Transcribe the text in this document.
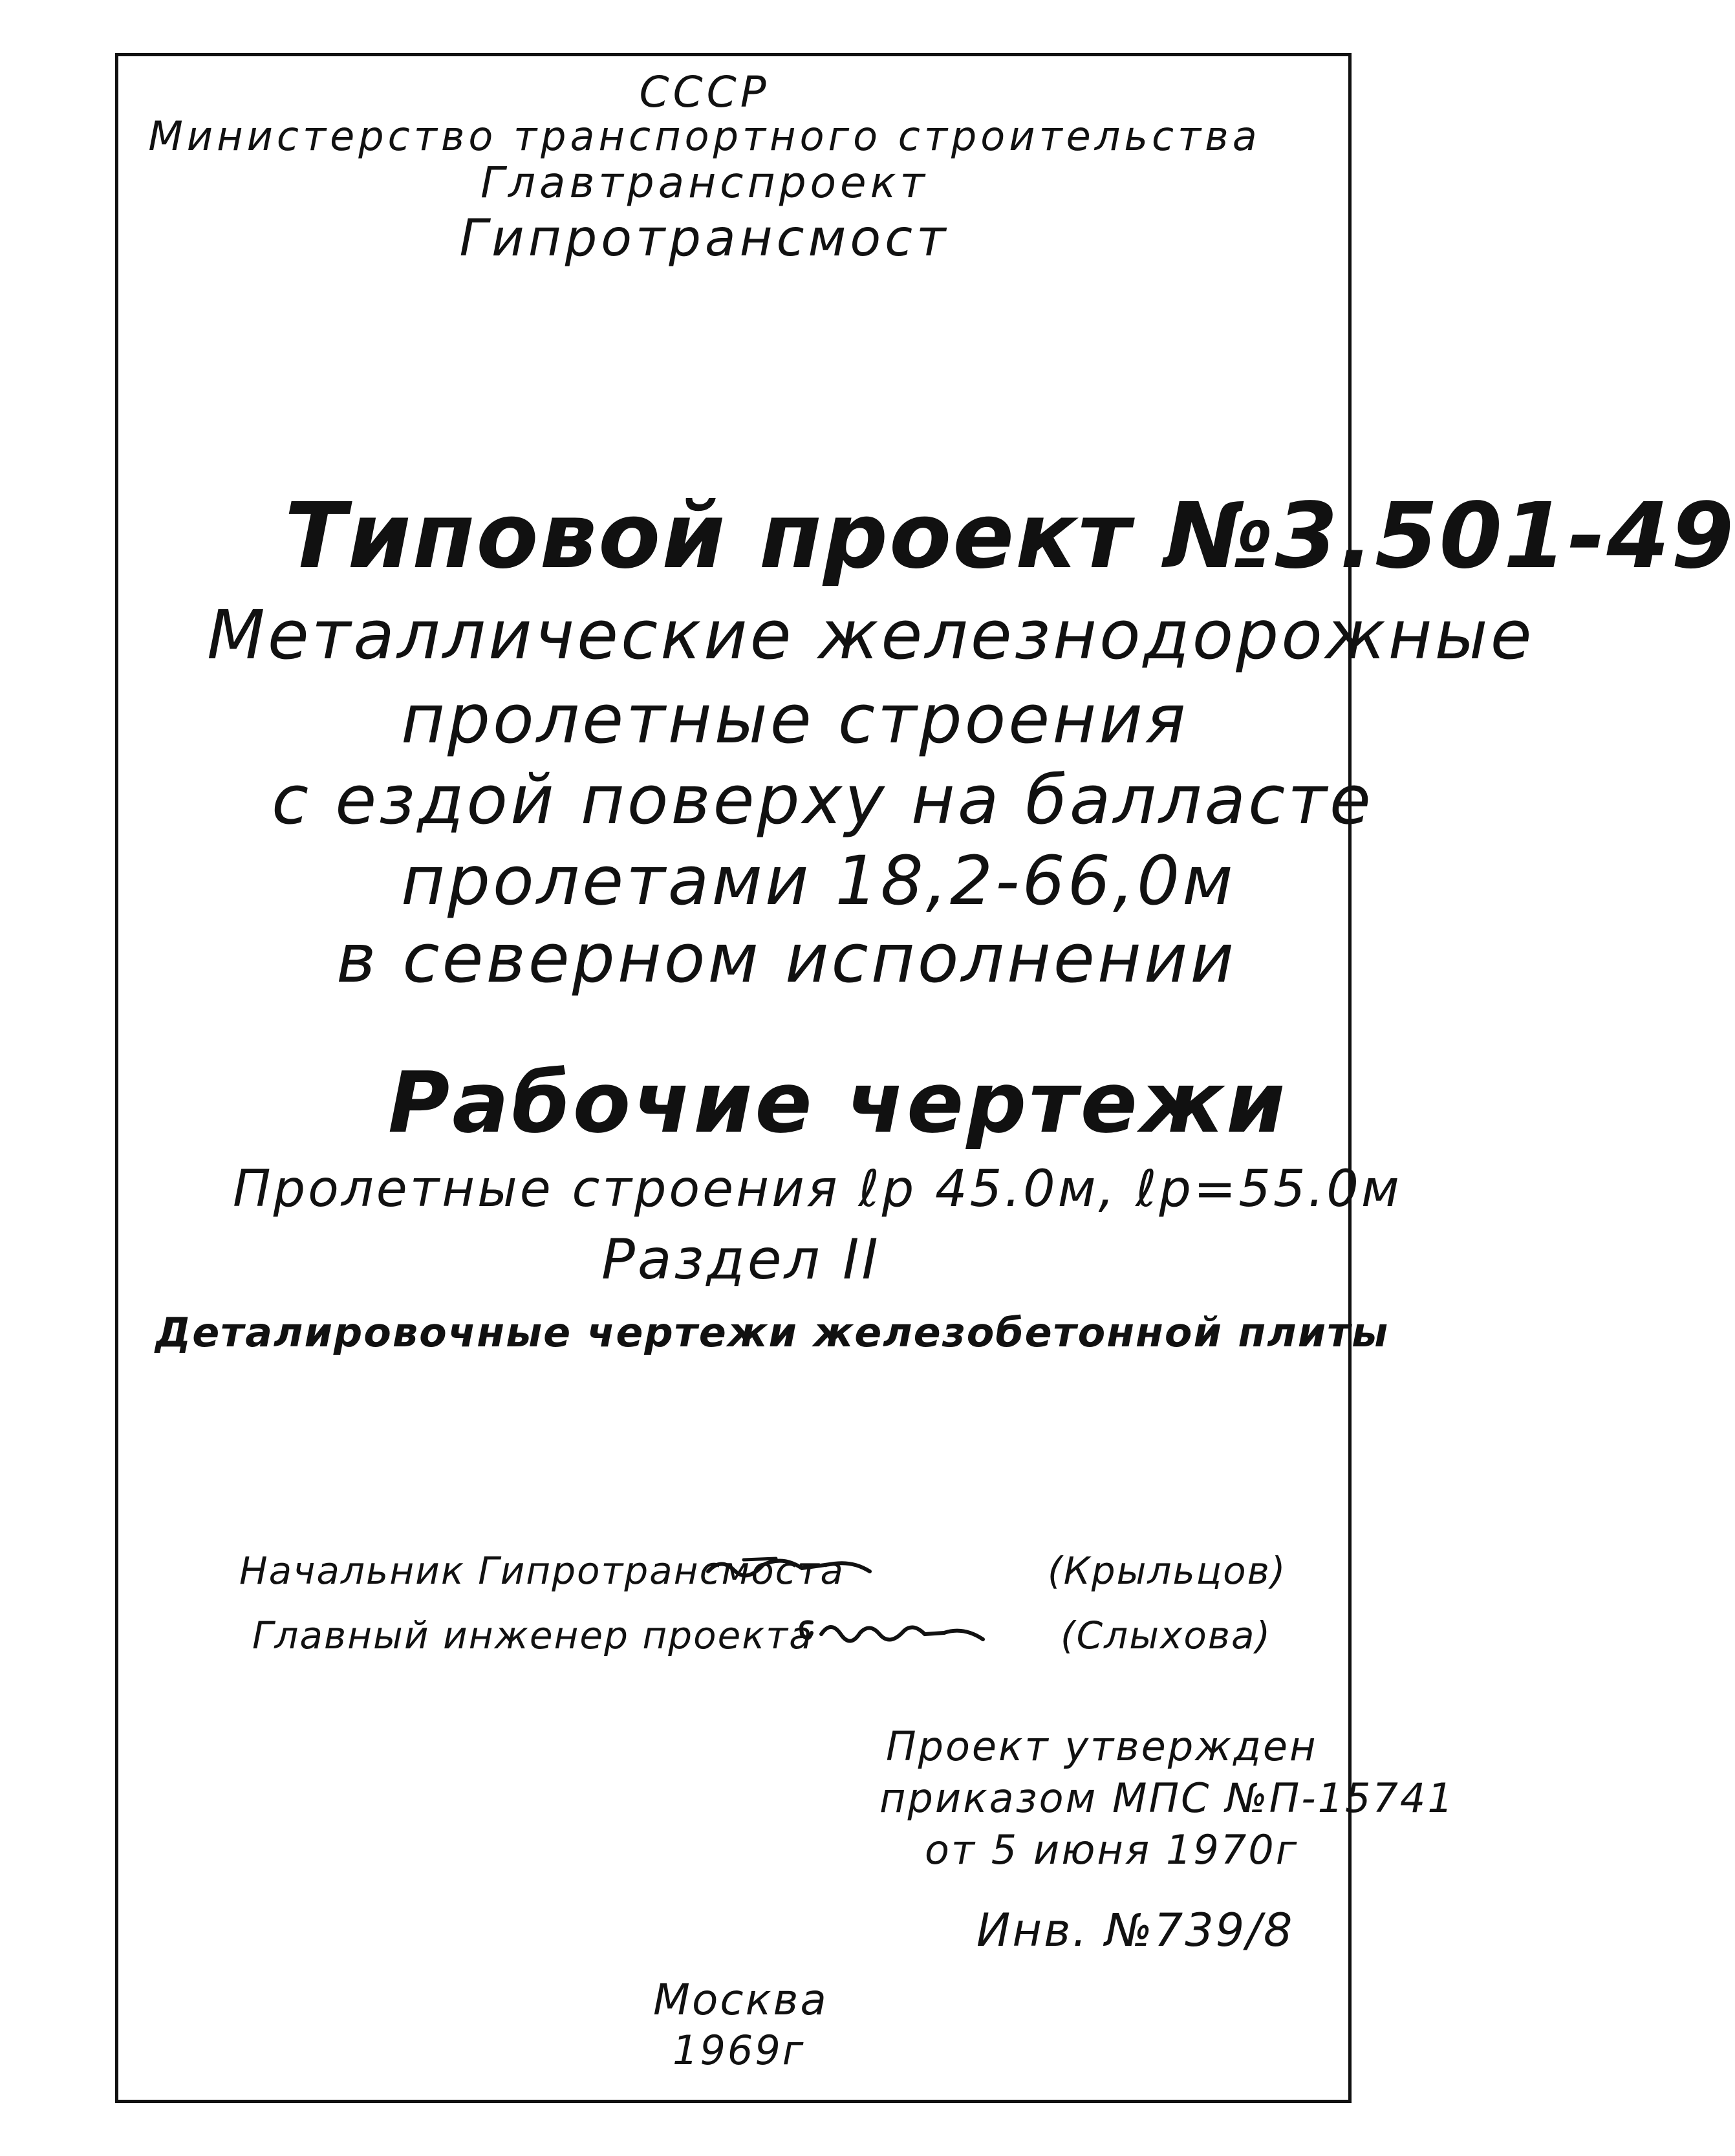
СССР
Министерство транспортного строительства
Главтранспроект
Гипротрансмост
Типовой проект №3.501-49
Металлические железнодорожные
пролетные строения
с ездой поверху на балласте
пролетами 18,2-66,0м
в северном исполнении
Рабочие чертежи
Пролетные строения ℓр 45.0м, ℓр=55.0м
Раздел II
Деталировочные чертежи железобетонной плиты
Начальник Гипротрансмоста	(Крыльцов)
Главный инженер проекта	(Слыхова)
Проект утвержден
приказом МПС №П-15741
от 5 июня 1970г
Инв. №739/8
Москва
1969г
